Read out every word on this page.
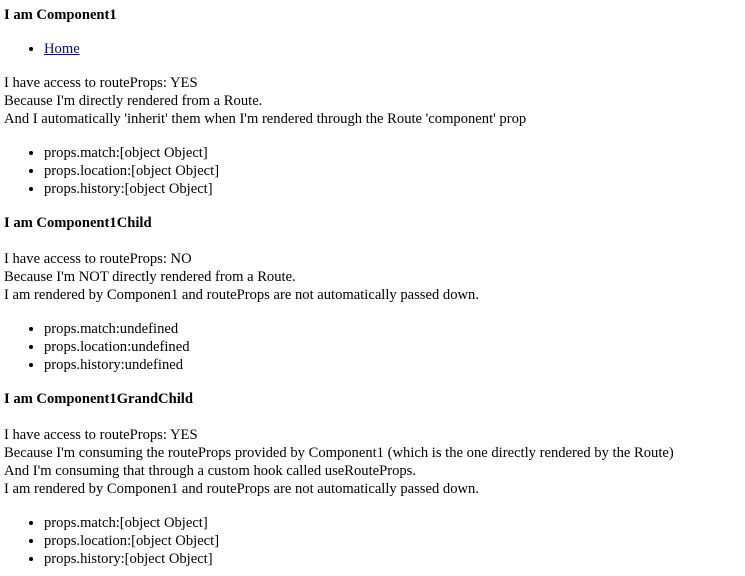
I am Component1
• Home
I have access to routeProps: YES
Because I'm directly rendered from a Route.
And I automatically 'inherit' them when I'm rendered through the Route 'component' prop
• props.match:[object Object]
• props.location:[object Object]
• props.history:[object Object]
I am Component1Child
I have access to routeProps: NO
Because I'm NOT directly rendered from a Route.
I am rendered by Componen1 and routeProps are not automatically passed down.
• props.match:undefined
• props.location:undefined
• props.history:undefined
I am Component1GrandChild
I have access to routeProps: YES
Because I'm consuming the routeProps provided by Component1 (which is the one directly rendered by the Route)
And I'm consuming that through a custom hook called useRouteProps.
I am rendered by Componen1 and routeProps are not automatically passed down.
• props.match:[object Object]
• props.location:[object Object]
• props.history:[object Object]
